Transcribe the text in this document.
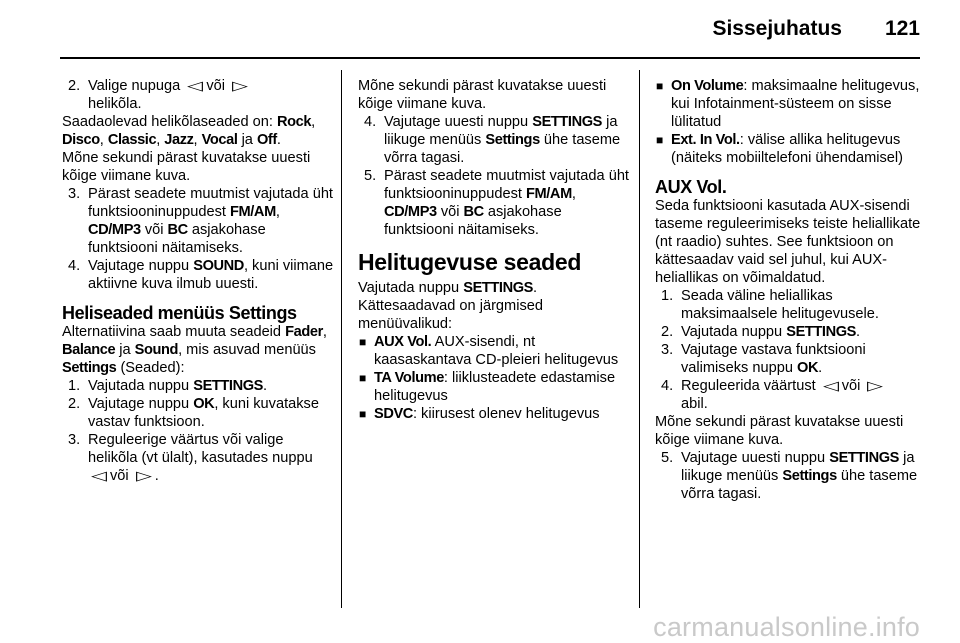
Sissejuhatus 121

2. Valige nupuga ◁ või ▷
helikõla.

Saadaolevad helikõlaseaded on: Rock, Disco, Classic, Jazz, Vocal ja Off.

Mõne sekundi pärast kuvatakse uuesti kõige viimane kuva.

3. Pärast seadete muutmist vajutada üht funktsiooninuppudest FM/AM, CD/MP3 või BC asjakohase funktsiooni näitamiseks.

4. Vajutage nuppu SOUND, kuni viimane aktiivne kuva ilmub uuesti.

Heliseaded menüüs Settings

Alternatiivina saab muuta seadeid Fader, Balance ja Sound, mis asuvad menüüs Settings (Seaded):

1. Vajutada nuppu SETTINGS.

2. Vajutage nuppu OK, kuni kuvatakse vastav funktsioon.

3. Reguleerige väärtus või valige helikõla (vt ülalt), kasutades nuppu ◁ või ▷ .

Mõne sekundi pärast kuvatakse uuesti kõige viimane kuva.

4. Vajutage uuesti nuppu SETTINGS ja liikuge menüüs Settings ühe taseme võrra tagasi.

5. Pärast seadete muutmist vajutada üht funktsiooninuppudest FM/AM, CD/MP3 või BC asjakohase funktsiooni näitamiseks.

Helitugevuse seaded

Vajutada nuppu SETTINGS.

Kättesaadavad on järgmised menüüvalikud:

■ AUX Vol. AUX-sisendi, nt kaasaskantava CD-pleieri helitugevus

■ TA Volume: liiklusteadete edastamise helitugevus

■ SDVC: kiirusest olenev helitugevus

■ On Volume: maksimaalne helitugevus, kui Infotainment-süsteem on sisse lülitatud

■ Ext. In Vol.: välise allika helitugevus (näiteks mobiiltelefoni ühendamisel)

AUX Vol.

Seda funktsiooni kasutada AUX-sisendi taseme reguleerimiseks teiste heliallikate (nt raadio) suhtes. See funktsioon on kättesaadav vaid sel juhul, kui AUX-heliallikas on võimaldatud.

1. Seada väline heliallikas maksimaalsele helitugevusele.

2. Vajutada nuppu SETTINGS.

3. Vajutage vastava funktsiooni valimiseks nuppu OK.

4. Reguleerida väärtust ◁ või ▷
abil.

Mõne sekundi pärast kuvatakse uuesti kõige viimane kuva.

5. Vajutage uuesti nuppu SETTINGS ja liikuge menüüs Settings ühe taseme võrra tagasi.

carmanualsonline.info
